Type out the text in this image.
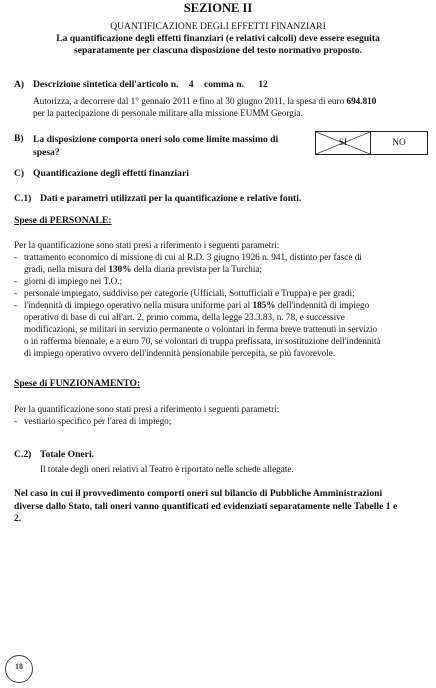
SEZIONE II
QUANTIFICAZIONE DEGLI EFFETTI FINANZIARI
La quantificazione degli effetti finanziari (e relativi calcoli) deve essere eseguita
separatamente per ciascuna disposizione del testo normativo proposto.
A) Descrizione sintetica dell'articolo n. 4 comma n. 12
Autorizza, a decorrere dal 1° gennaio 2011 e fino al 30 giugno 2011, la spesa di euro 694.810
per la partecipazione di personale militare alla missione EUMM Georgia.
B) La disposizione comporta oneri solo come limite massimo di
spesa?
SI	NO
C) Quantificazione degli effetti finanziari
C.1) Dati e parametri utilizzati per la quantificazione e relative fonti.
Spese di PERSONALE:
Per la quantificazione sono stati presi a riferimento i seguenti parametri:
- trattamento economico di missione di cui al R.D. 3 giugno 1926 n. 941, distinto per fasce di
gradi, nella misura del 130% della diaria prevista per la Turchia;
- giorni di impiego nei T.O.;
- personale impiegato, suddiviso per categorie (Ufficiali, Sottufficiali e Truppa) e per gradi;
- l'indennità di impiego operativo nella misura uniforme pari al 185% dell'indennità di impiego
operativo di base di cui all'art. 2, primo comma, della legge 23.3.83, n. 78, e successive
modificazioni, se militari in servizio permanente o volontari in ferma breve trattenuti in servizio
o in rafferma biennale, e a euro 70, se volontari di truppa prefissata, in sostituzione dell'indennità
di impiego operativo ovvero dell'indennità pensionabile percepita, se più favorevole.
Spese di FUNZIONAMENTO:
Per la quantificazione sono stati presi a riferimento i seguenti parametri:
- vestiario specifico per l'area di impiego;
C.2) Totale Oneri.
Il totale degli oneri relativi al Teatro è riportato nelle schede allegate.
Nel caso in cui il provvedimento comporti oneri sul bilancio di Pubbliche Amministrazioni
diverse dallo Stato, tali oneri vanno quantificati ed evidenziati separatamente nelle Tabelle 1 e
2.
18
